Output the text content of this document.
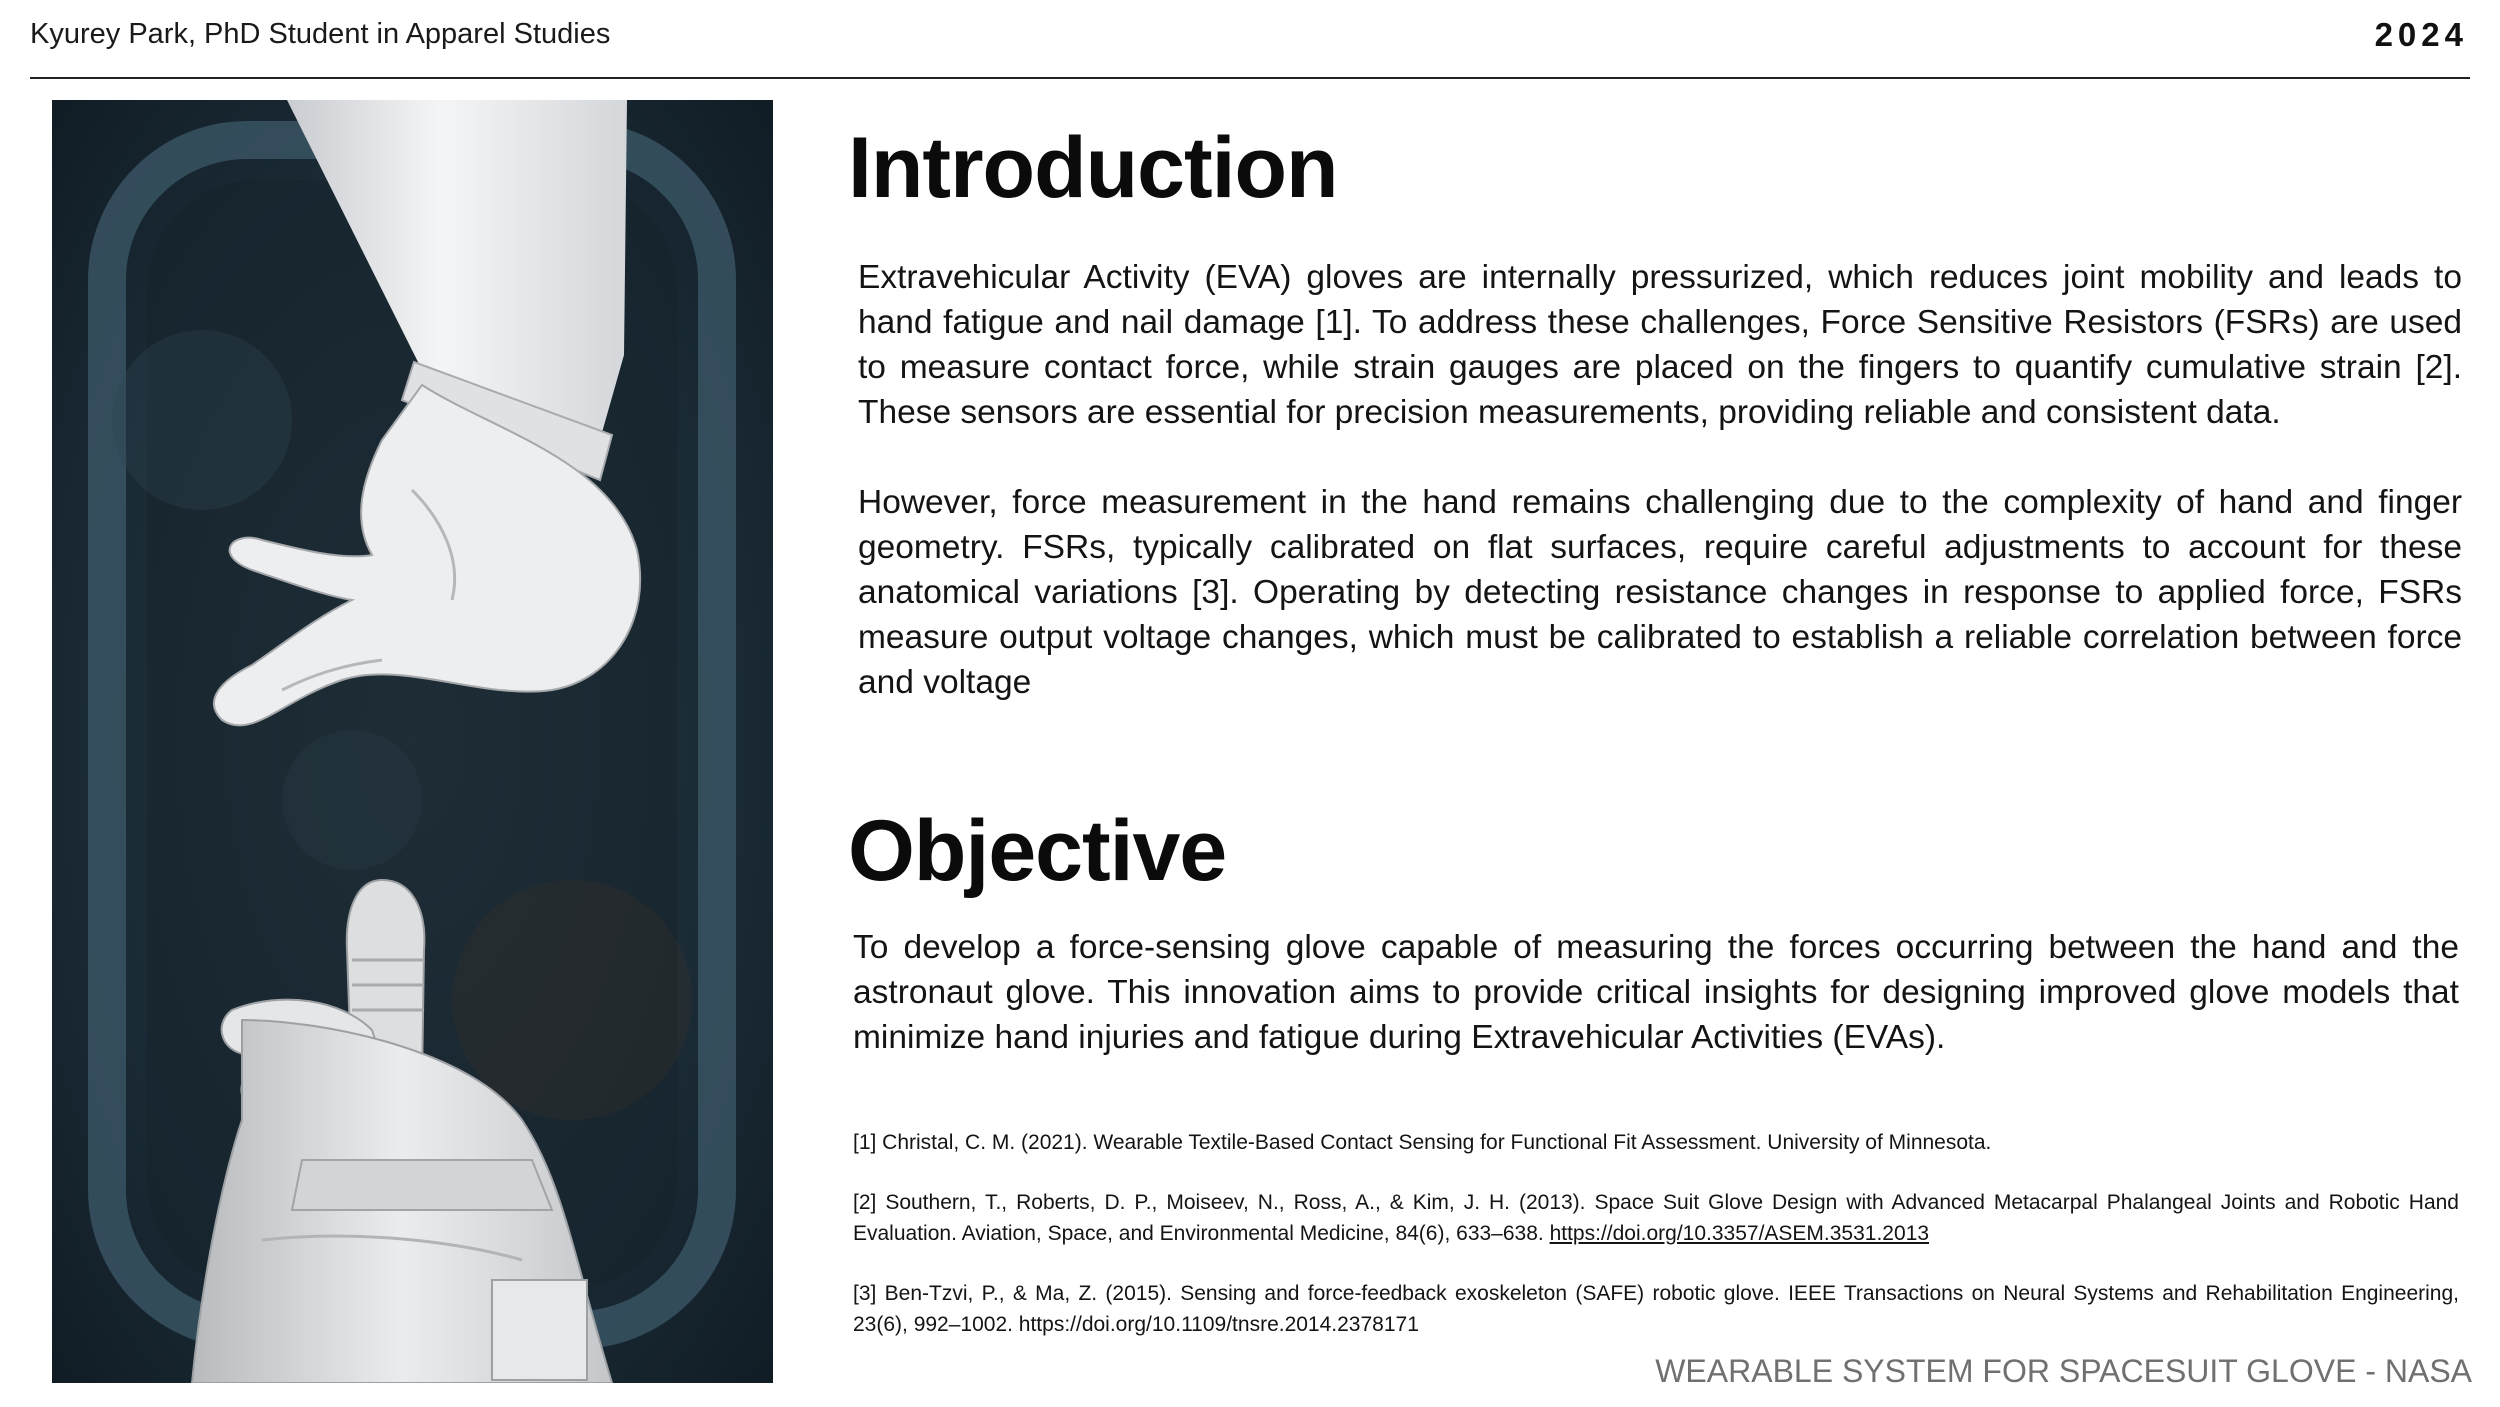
Kyurey Park, PhD Student in Apparel Studies	2024
Introduction

Extravehicular Activity (EVA) gloves are internally pressurized, which reduces joint mobility and leads to hand fatigue and nail damage [1]. To address these challenges, Force Sensitive Resistors (FSRs) are used to measure contact force, while strain gauges are placed on the fingers to quantify cumulative strain [2]. These sensors are essential for precision measurements, providing reliable and consistent data.

However, force measurement in the hand remains challenging due to the complexity of hand and finger geometry. FSRs, typically calibrated on flat surfaces, require careful adjustments to account for these anatomical variations [3]. Operating by detecting resistance changes in response to applied force, FSRs measure output voltage changes, which must be calibrated to establish a reliable correlation between force and voltage

Objective

To develop a force-sensing glove capable of measuring the forces occurring between the hand and the astronaut glove. This innovation aims to provide critical insights for designing improved glove models that minimize hand injuries and fatigue during Extravehicular Activities (EVAs).

[1] Christal, C. M. (2021). Wearable Textile-Based Contact Sensing for Functional Fit Assessment. University of Minnesota.

[2] Southern, T., Roberts, D. P., Moiseev, N., Ross, A., & Kim, J. H. (2013). Space Suit Glove Design with Advanced Metacarpal Phalangeal Joints and Robotic Hand Evaluation. Aviation, Space, and Environmental Medicine, 84(6), 633–638. https://doi.org/10.3357/ASEM.3531.2013

[3] Ben-Tzvi, P., & Ma, Z. (2015). Sensing and force-feedback exoskeleton (SAFE) robotic glove. IEEE Transactions on Neural Systems and Rehabilitation Engineering, 23(6), 992–1002. https://doi.org/10.1109/tnsre.2014.2378171

WEARABLE SYSTEM FOR SPACESUIT GLOVE - NASA
